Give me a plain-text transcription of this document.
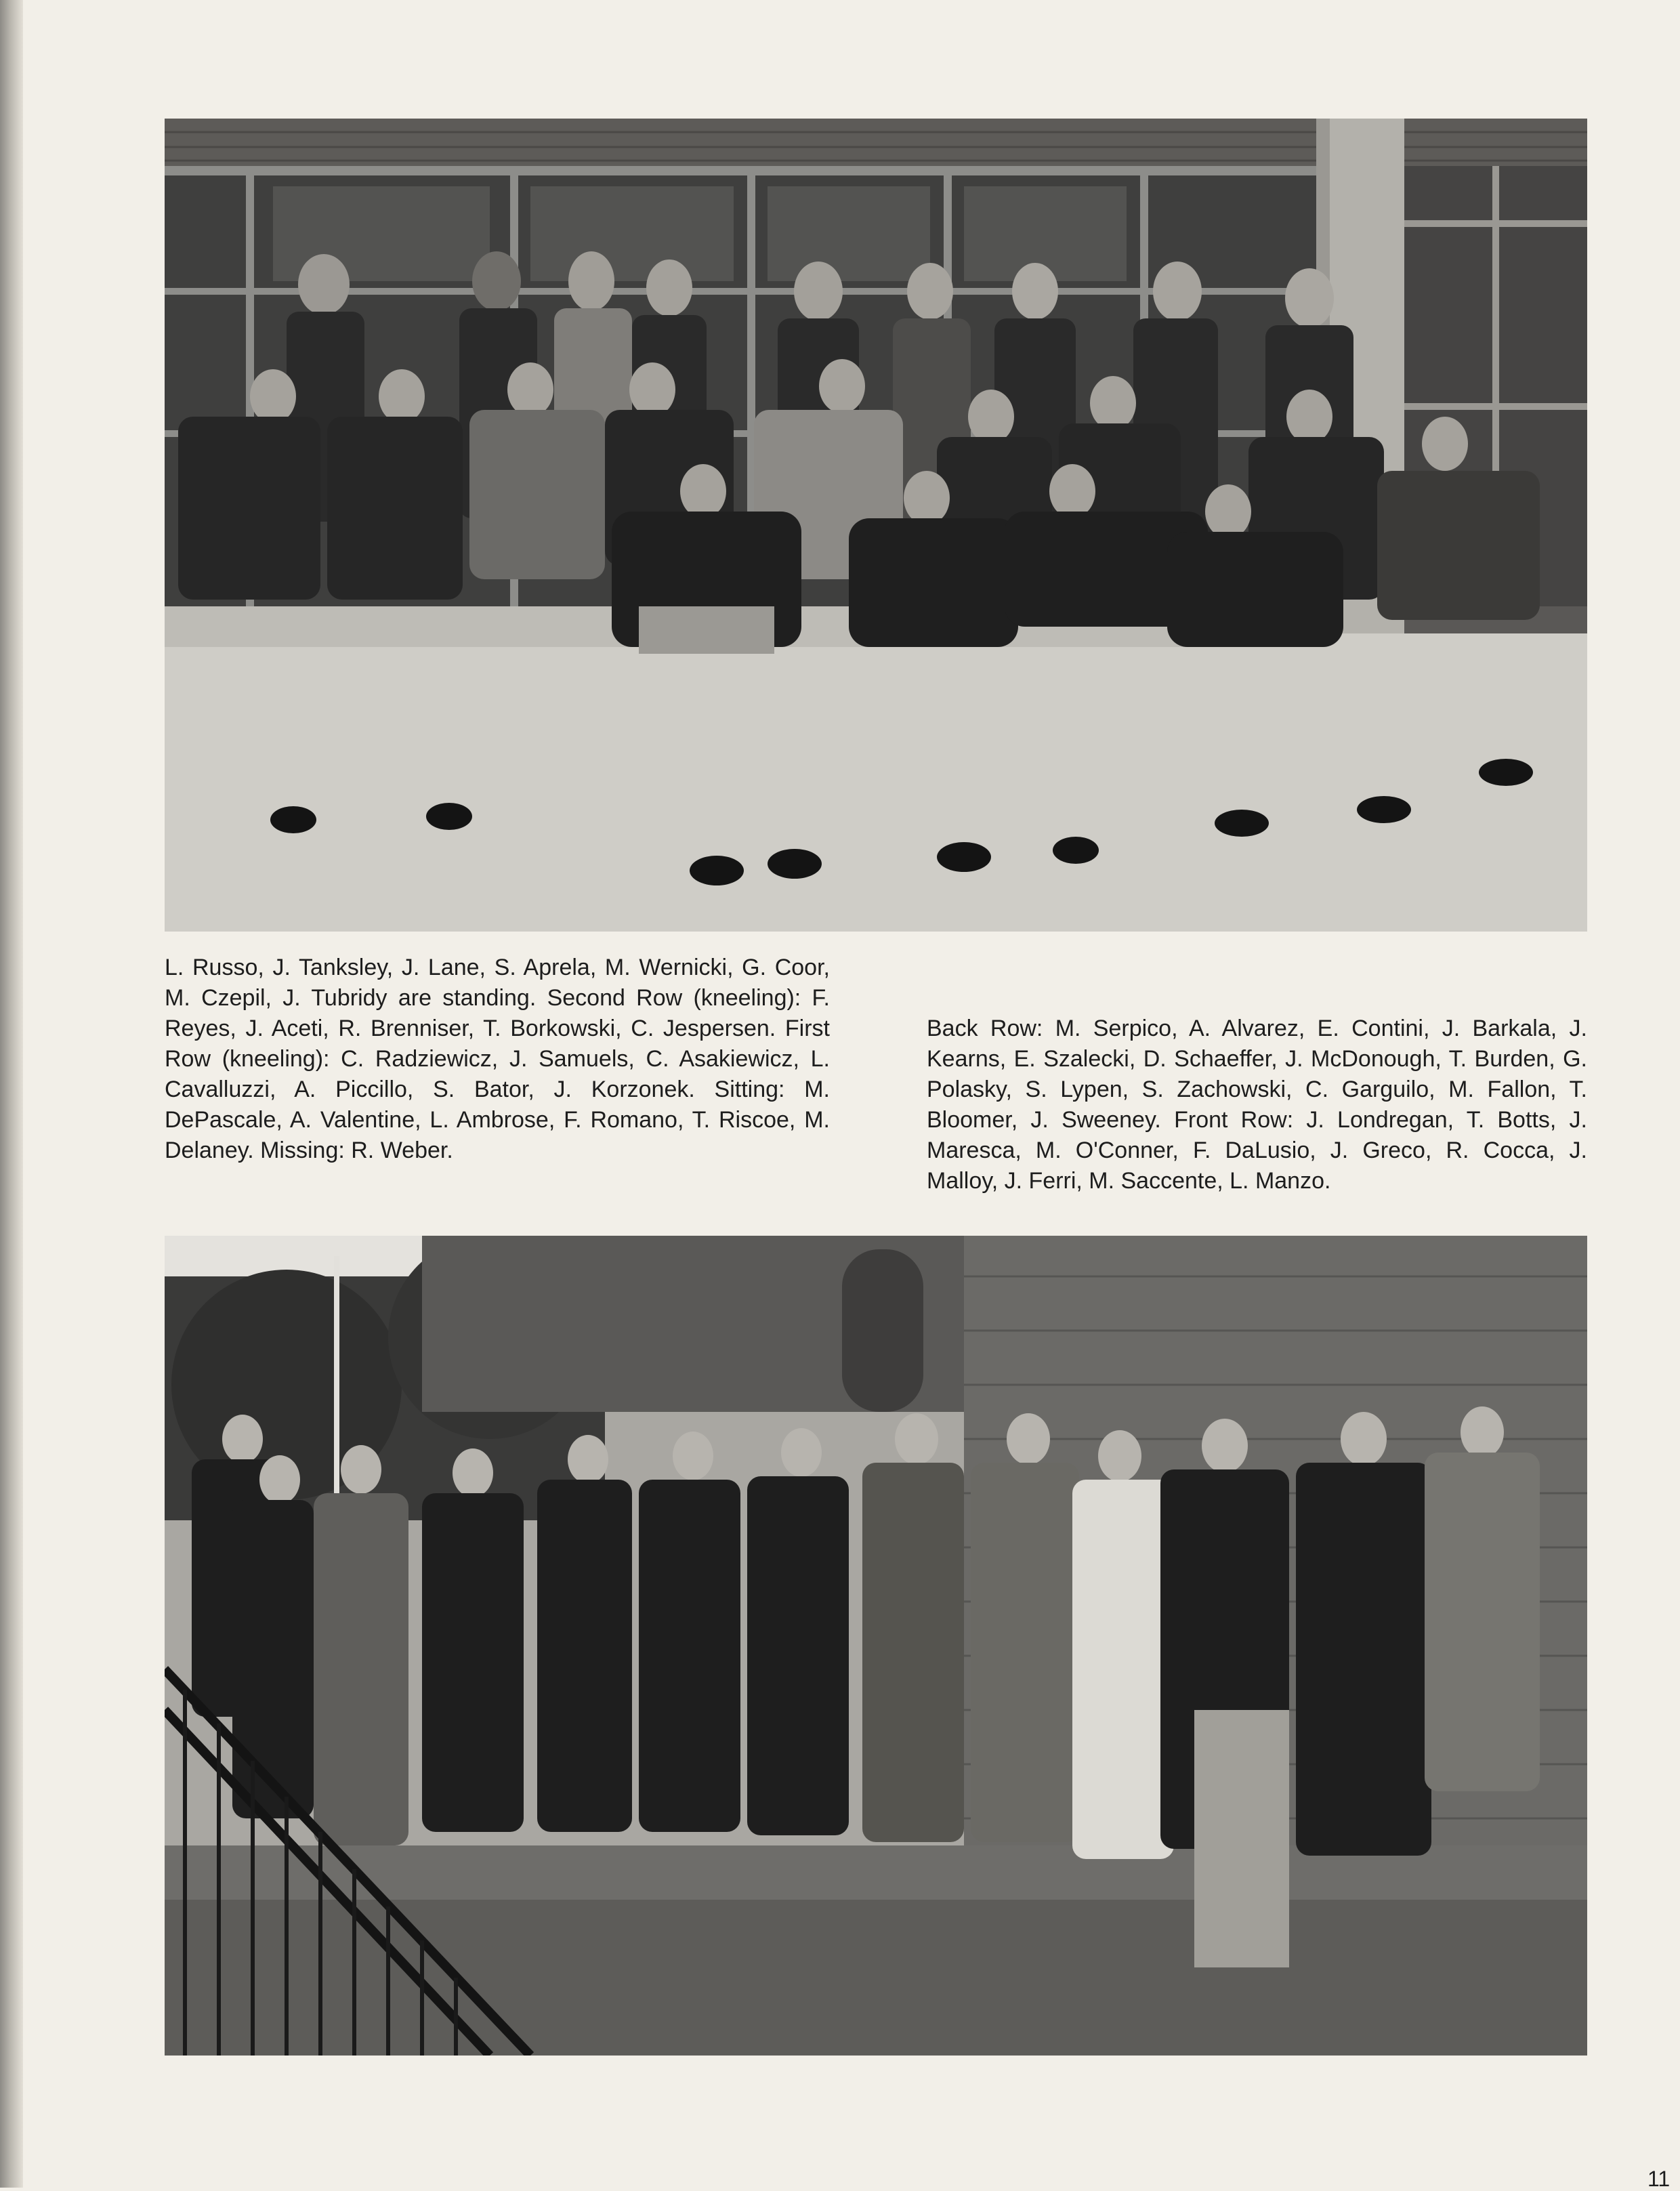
L. Russo, J. Tanksley, J. Lane, S. Aprela, M. Wernicki, G. Coor, M. Czepil, J. Tubridy are standing. Second Row (kneeling): F. Reyes, J. Aceti, R. Brenniser, T. Borkowski, C. Jespersen. First Row (kneeling): C. Radziewicz, J. Samuels, C. Asakiewicz, L. Cavalluzzi, A. Piccillo, S. Bator, J. Korzonek. Sitting: M. DePascale, A. Valentine, L. Ambrose, F. Romano, T. Riscoe, M. Delaney. Missing: R. Weber.

Back Row: M. Serpico, A. Alvarez, E. Contini, J. Barkala, J. Kearns, E. Szalecki, D. Schaeffer, J. McDonough, T. Burden, G. Polasky, S. Lypen, S. Zachowski, C. Garguilo, M. Fallon, T. Bloomer, J. Sweeney. Front Row: J. Londregan, T. Botts, J. Maresca, M. O'Conner, F. DaLusio, J. Greco, R. Cocca, J. Malloy, J. Ferri, M. Saccente, L. Manzo.

11
